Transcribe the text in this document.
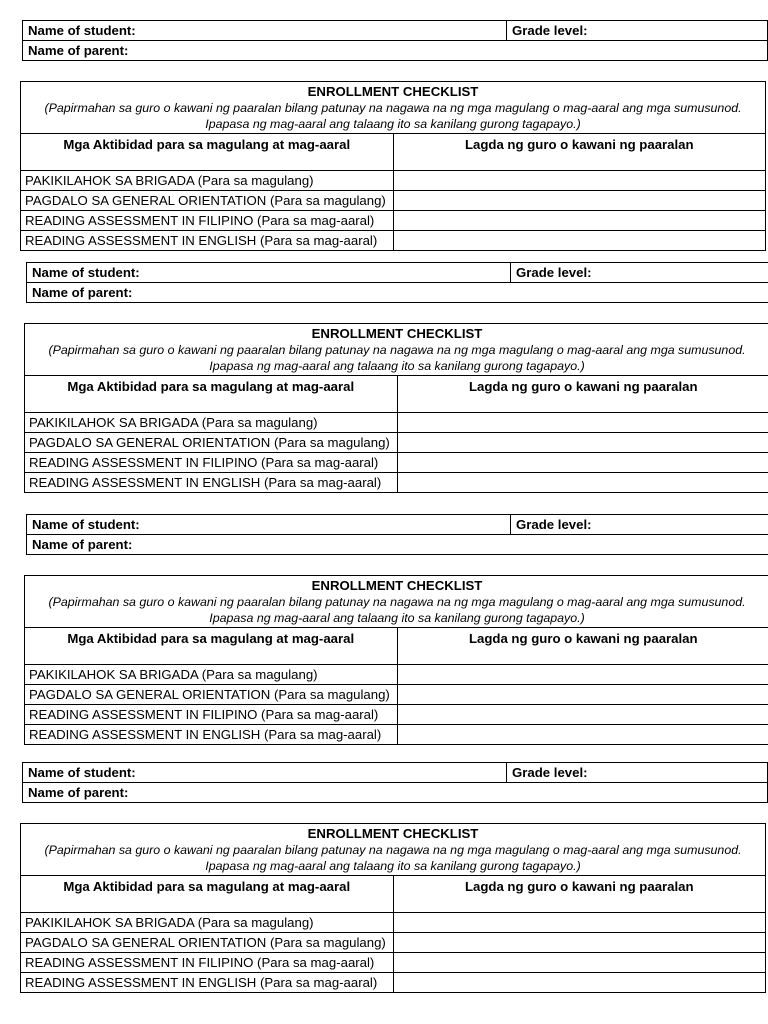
Name of student:	Grade level:
Name of parent:
ENROLLMENT CHECKLIST
(Papirmahan sa guro o kawani ng paaralan bilang patunay na nagawa na ng mga magulang o mag-aaral ang mga sumusunod. Ipapasa ng mag-aaral ang talaang ito sa kanilang gurong tagapayo.)	

Mga Aktibidad para sa magulang at mag-aaral	Lagda ng guro o kawani ng paaralan
PAKIKILAHOK SA BRIGADA (Para sa magulang)	
PAGDALO SA GENERAL ORIENTATION (Para sa magulang)	
READING ASSESSMENT IN FILIPINO (Para sa mag-aaral)	
READING ASSESSMENT IN ENGLISH (Para sa mag-aaral)	
Name of student:	Grade level:
Name of parent:
ENROLLMENT CHECKLIST
(Papirmahan sa guro o kawani ng paaralan bilang patunay na nagawa na ng mga magulang o mag-aaral ang mga sumusunod. Ipapasa ng mag-aaral ang talaang ito sa kanilang gurong tagapayo.)	

Mga Aktibidad para sa magulang at mag-aaral	Lagda ng guro o kawani ng paaralan
PAKIKILAHOK SA BRIGADA (Para sa magulang)	
PAGDALO SA GENERAL ORIENTATION (Para sa magulang)	
READING ASSESSMENT IN FILIPINO (Para sa mag-aaral)	
READING ASSESSMENT IN ENGLISH (Para sa mag-aaral)	
Name of student:	Grade level:
Name of parent:
ENROLLMENT CHECKLIST
(Papirmahan sa guro o kawani ng paaralan bilang patunay na nagawa na ng mga magulang o mag-aaral ang mga sumusunod. Ipapasa ng mag-aaral ang talaang ito sa kanilang gurong tagapayo.)	

Mga Aktibidad para sa magulang at mag-aaral	Lagda ng guro o kawani ng paaralan
PAKIKILAHOK SA BRIGADA (Para sa magulang)	
PAGDALO SA GENERAL ORIENTATION (Para sa magulang)	
READING ASSESSMENT IN FILIPINO (Para sa mag-aaral)	
READING ASSESSMENT IN ENGLISH (Para sa mag-aaral)	
Name of student:	Grade level:
Name of parent:
ENROLLMENT CHECKLIST
(Papirmahan sa guro o kawani ng paaralan bilang patunay na nagawa na ng mga magulang o mag-aaral ang mga sumusunod. Ipapasa ng mag-aaral ang talaang ito sa kanilang gurong tagapayo.)	

Mga Aktibidad para sa magulang at mag-aaral	Lagda ng guro o kawani ng paaralan
PAKIKILAHOK SA BRIGADA (Para sa magulang)	
PAGDALO SA GENERAL ORIENTATION (Para sa magulang)	
READING ASSESSMENT IN FILIPINO (Para sa mag-aaral)	
READING ASSESSMENT IN ENGLISH (Para sa mag-aaral)	
